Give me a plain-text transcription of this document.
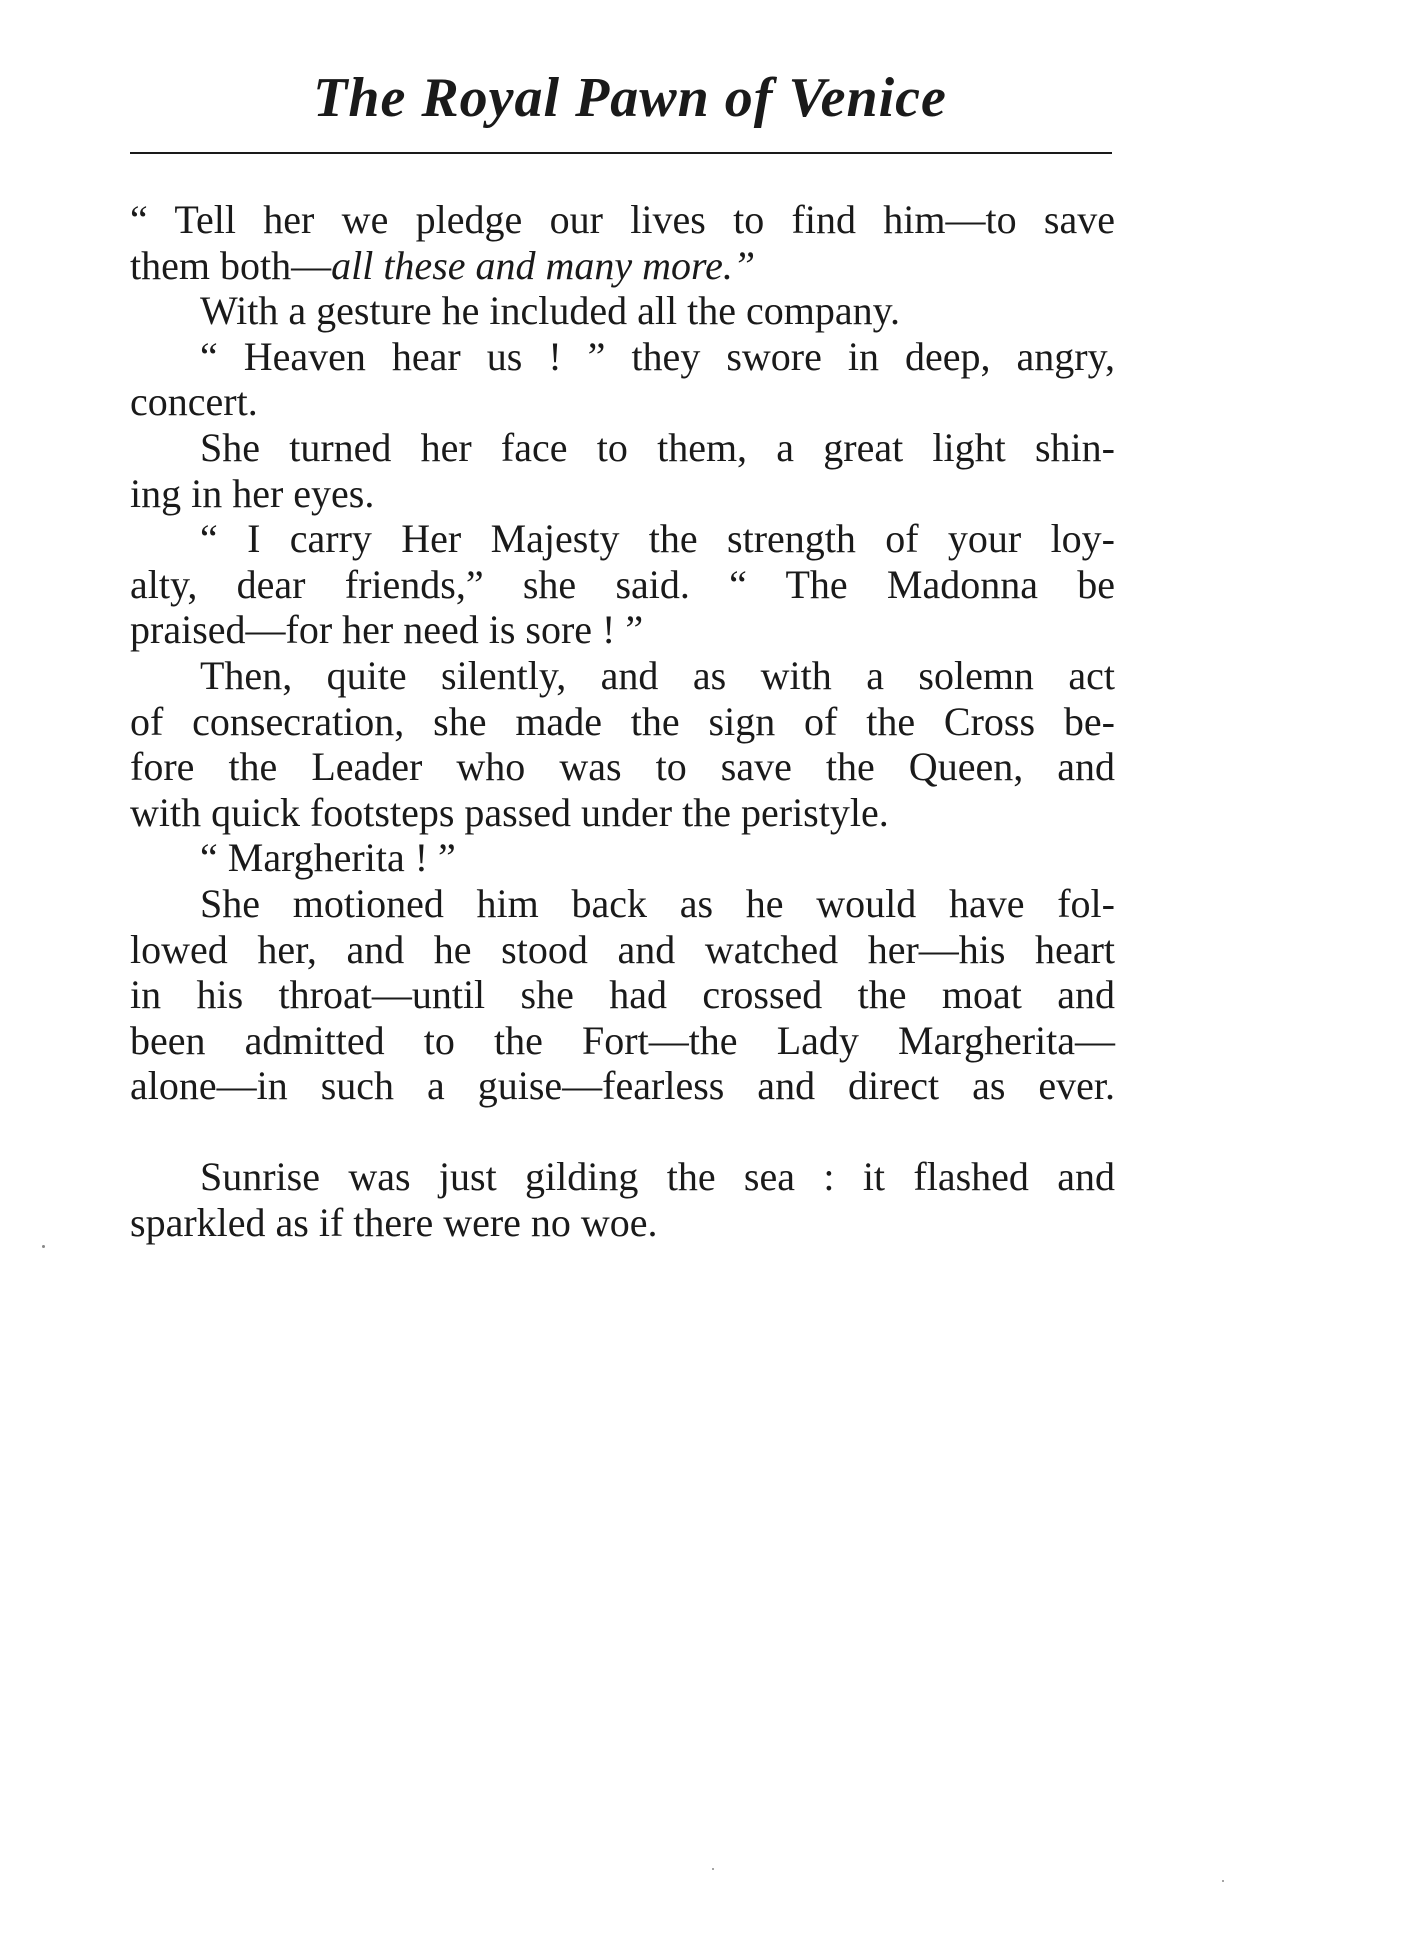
The Royal Pawn of Venice
“ Tell her we pledge our lives to find him—to save
them both—all these and many more.”
With a gesture he included all the company.
“ Heaven hear us ! ” they swore in deep, angry,
concert.
She turned her face to them, a great light shin-
ing in her eyes.
“ I carry Her Majesty the strength of your loy-
alty, dear friends,” she said. “ The Madonna be
praised—for her need is sore ! ”
Then, quite silently, and as with a solemn act
of consecration, she made the sign of the Cross be-
fore the Leader who was to save the Queen, and
with quick footsteps passed under the peristyle.
“ Margherita ! ”
She motioned him back as he would have fol-
lowed her, and he stood and watched her—his heart
in his throat—until she had crossed the moat and
been admitted to the Fort—the Lady Margherita—
alone—in such a guise—fearless and direct as ever.
Sunrise was just gilding the sea : it flashed and
sparkled as if there were no woe.
